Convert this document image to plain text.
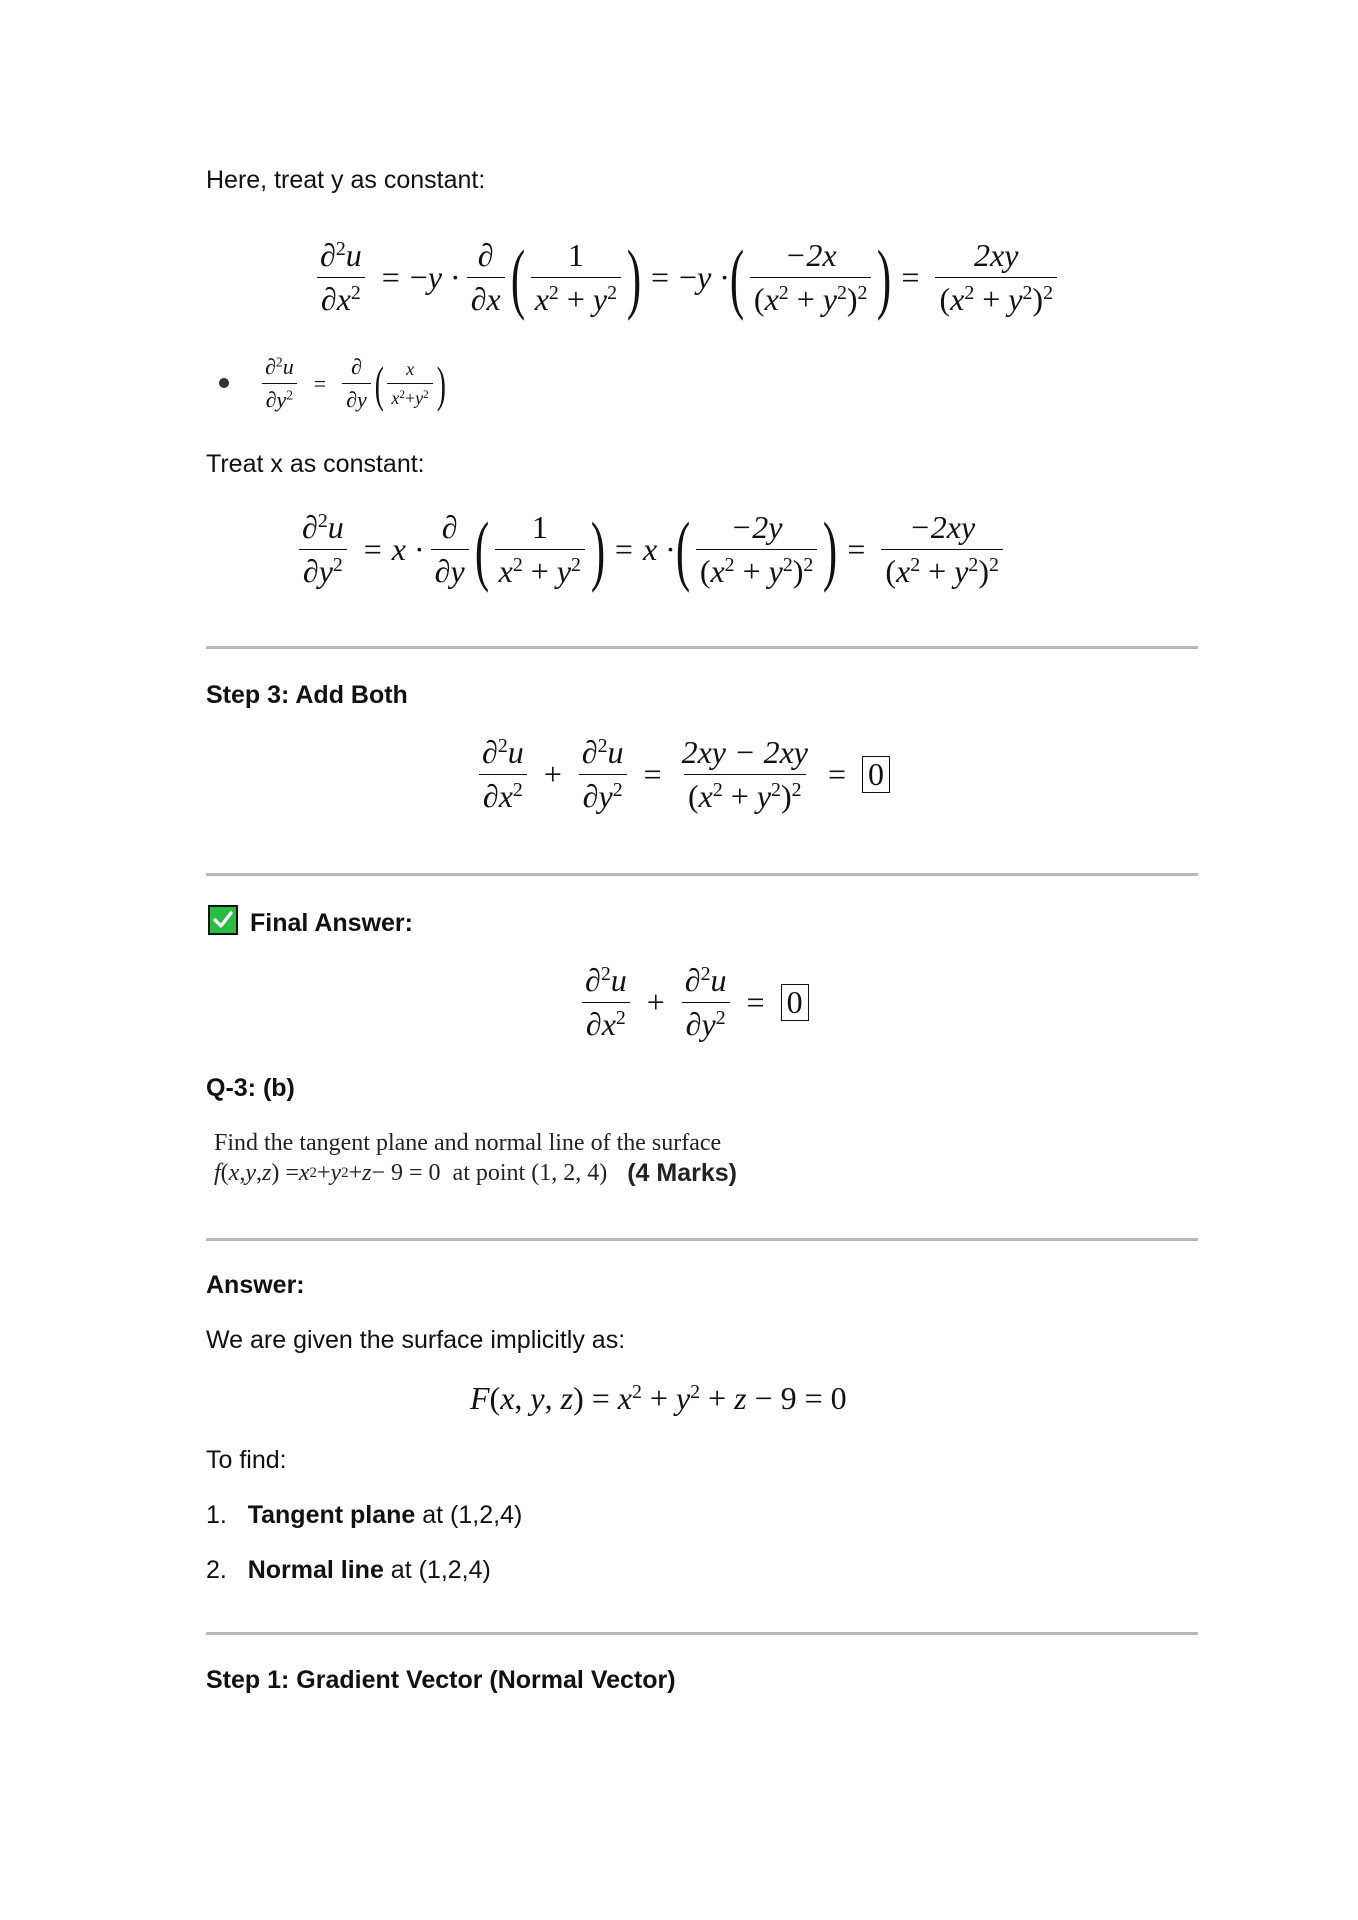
Here, treat y as constant:
$\frac{\partial^2u}{\partial x^2} = -y \cdot \frac{\partial}{\partial x}$ ( $\frac{1}{x^2 + y^2}$ ) = −y · ( $\frac{-2x}{(x^2 + y^2)^2}$ ) = $\frac{2xy}{(x^2 + y^2)^2}$
$\frac{\partial^2u}{\partial y^2} = \frac{\partial}{\partial y}$ ( $\frac{x}{x^2+y^2}$ )
Treat x as constant:
$\frac{\partial^2u}{\partial y^2} = x \cdot \frac{\partial}{\partial y}$ ( $\frac{1}{x^2 + y^2}$ ) = x · ( $\frac{-2y}{(x^2 + y^2)^2}$ ) = $\frac{-2xy}{(x^2 + y^2)^2}$
Step 3: Add Both
$\frac{\partial^2u}{\partial x^2} + \frac{\partial^2u}{\partial y^2} = \frac{2xy - 2xy}{(x^2 + y^2)^2} = 0$
Final Answer:
$\frac{\partial^2u}{\partial x^2} + \frac{\partial^2u}{\partial y^2} = 0$
Q-3: (b)
Find the tangent plane and normal line of the surface
f ( x , y , z ) = x 2 + y 2 + z − 9 = 0  at point (1, 2, 4) (4 Marks)
Answer:
We are given the surface implicitly as:
F(x, y, $z) = x^2 + y^2 + z - 9 = 0$
To find:
1. Tangent plane at (1,2,4)
2. Normal line at (1,2,4)
Step 1: Gradient Vector (Normal Vector)
